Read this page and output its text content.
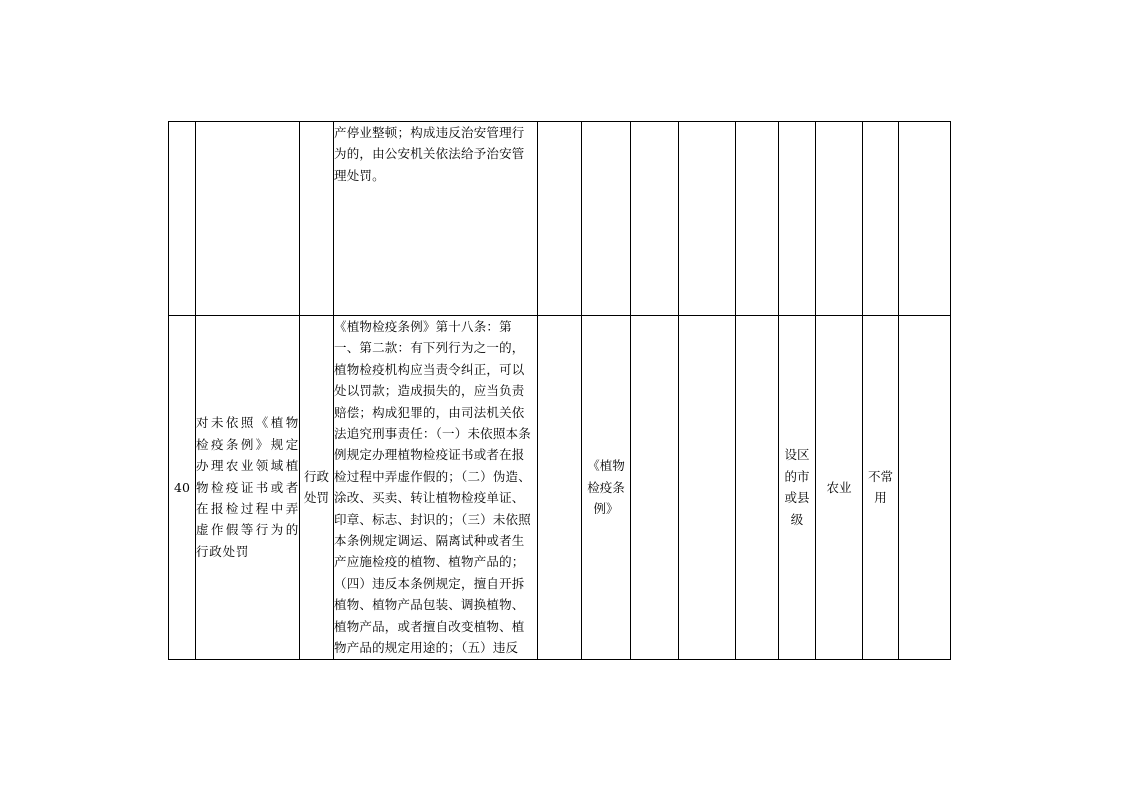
			产停业整顿；构成违反治安管理行为的，由公安机关依法给予治安管理处罚。									
40	对未依照《植物检疫条例》规定办理农业领域植物检疫证书或者在报检过程中弄虚作假等行为的行政处罚	行政处罚	《植物检疫条例》第十八条：第一、第二款：有下列行为之一的，植物检疫机构应当责令纠正，可以处以罚款；造成损失的，应当负责赔偿；构成犯罪的，由司法机关依法追究刑事责任：（一）未依照本条例规定办理植物检疫证书或者在报检过程中弄虚作假的；（二）伪造、涂改、买卖、转让植物检疫单证、印章、标志、封识的；（三）未依照本条例规定调运、隔离试种或者生产应施检疫的植物、植物产品的；（四）违反本条例规定，擅自开拆植物、植物产品包装、调换植物、植物产品，或者擅自改变植物、植物产品的规定用途的；（五）违反		《植物检疫条例》				设区的市或县级	农业	不常用	
